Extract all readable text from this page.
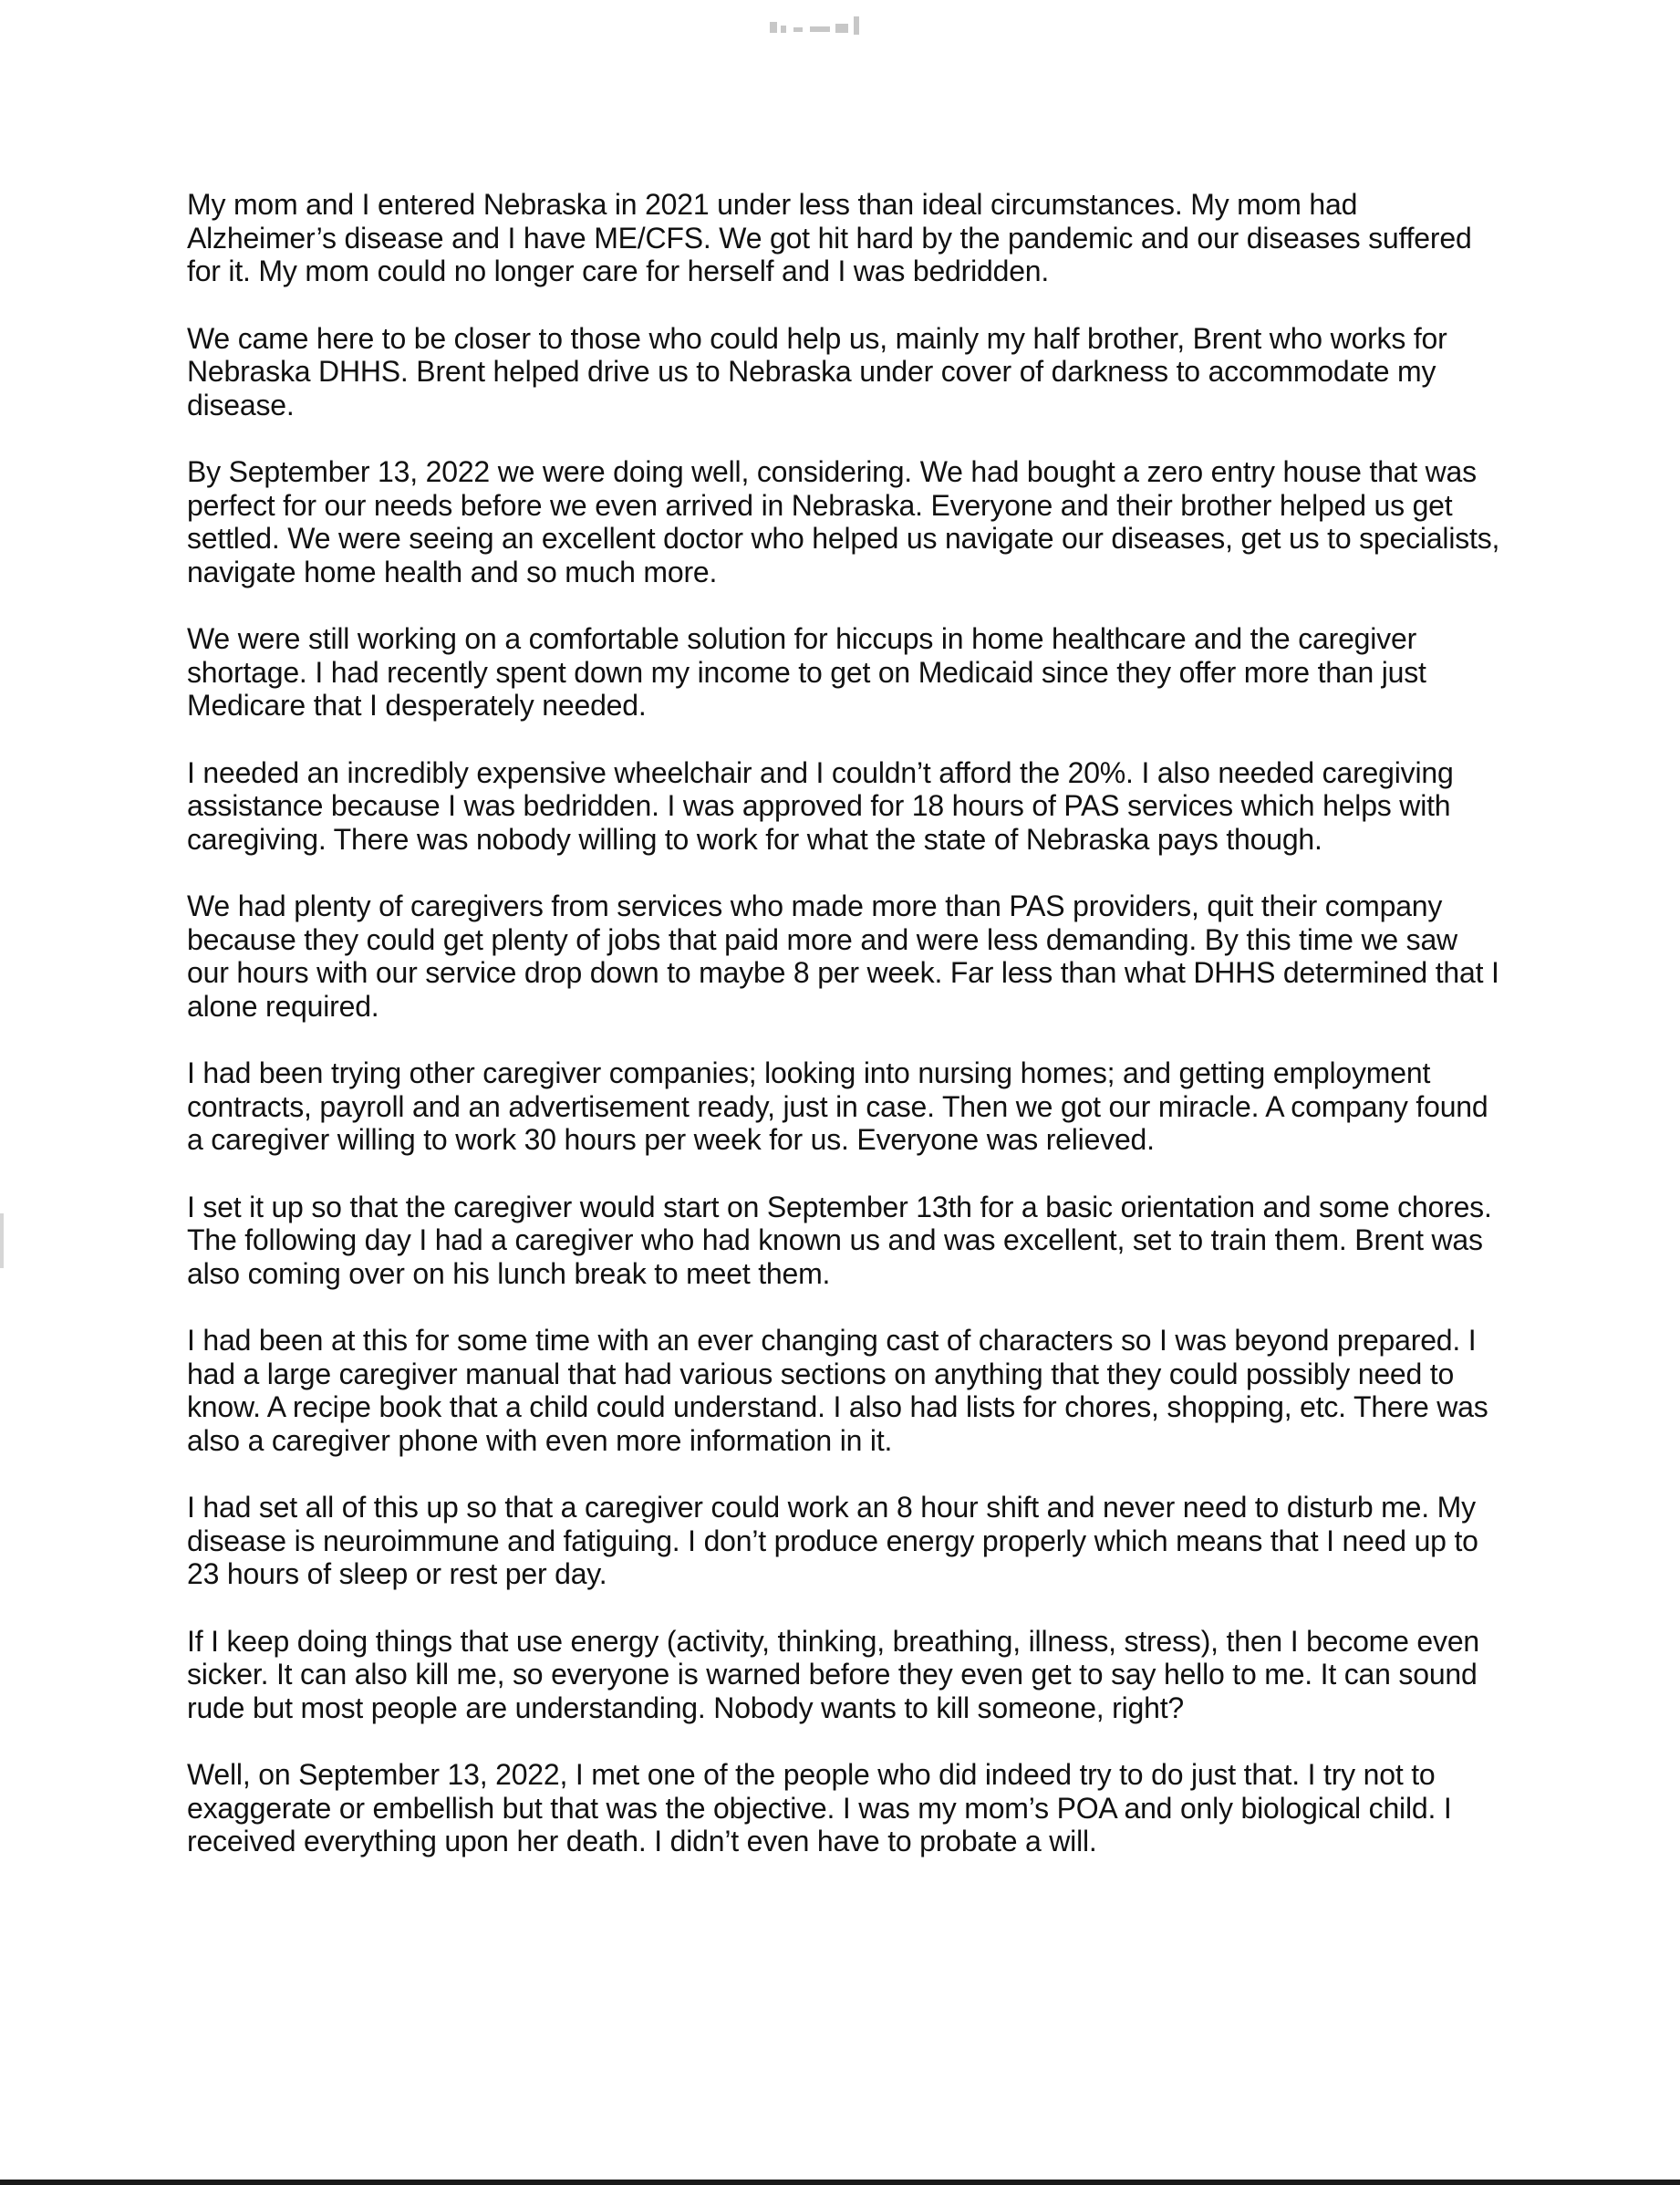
My mom and I entered Nebraska in 2021 under less than ideal circumstances. My mom had Alzheimer’s disease and I have ME/CFS. We got hit hard by the pandemic and our diseases suffered for it. My mom could no longer care for herself and I was bedridden.

We came here to be closer to those who could help us, mainly my half brother, Brent who works for Nebraska DHHS. Brent helped drive us to Nebraska under cover of darkness to accommodate my disease.

By September 13, 2022 we were doing well, considering. We had bought a zero entry house that was perfect for our needs before we even arrived in Nebraska. Everyone and their brother helped us get settled. We were seeing an excellent doctor who helped us navigate our diseases, get us to specialists, navigate home health and so much more.

We were still working on a comfortable solution for hiccups in home healthcare and the caregiver shortage. I had recently spent down my income to get on Medicaid since they offer more than just Medicare that I desperately needed.

I needed an incredibly expensive wheelchair and I couldn’t afford the 20%. I also needed caregiving assistance because I was bedridden. I was approved for 18 hours of PAS services which helps with caregiving. There was nobody willing to work for what the state of Nebraska pays though.

We had plenty of caregivers from services who made more than PAS providers, quit their company because they could get plenty of jobs that paid more and were less demanding. By this time we saw our hours with our service drop down to maybe 8 per week. Far less than what DHHS determined that I alone required.

I had been trying other caregiver companies; looking into nursing homes; and getting employment contracts, payroll and an advertisement ready, just in case. Then we got our miracle. A company found a caregiver willing to work 30 hours per week for us. Everyone was relieved.

I set it up so that the caregiver would start on September 13th for a basic orientation and some chores. The following day I had a caregiver who had known us and was excellent, set to train them. Brent was also coming over on his lunch break to meet them.

I had been at this for some time with an ever changing cast of characters so I was beyond prepared. I had a large caregiver manual that had various sections on anything that they could possibly need to know. A recipe book that a child could understand. I also had lists for chores, shopping, etc. There was also a caregiver phone with even more information in it.

I had set all of this up so that a caregiver could work an 8 hour shift and never need to disturb me. My disease is neuroimmune and fatiguing. I don’t produce energy properly which means that I need up to 23 hours of sleep or rest per day.

If I keep doing things that use energy (activity, thinking, breathing, illness, stress), then I become even sicker. It can also kill me, so everyone is warned before they even get to say hello to me. It can sound rude but most people are understanding. Nobody wants to kill someone, right?

Well, on September 13, 2022, I met one of the people who did indeed try to do just that. I try not to exaggerate or embellish but that was the objective. I was my mom’s POA and only biological child. I received everything upon her death. I didn’t even have to probate a will.
